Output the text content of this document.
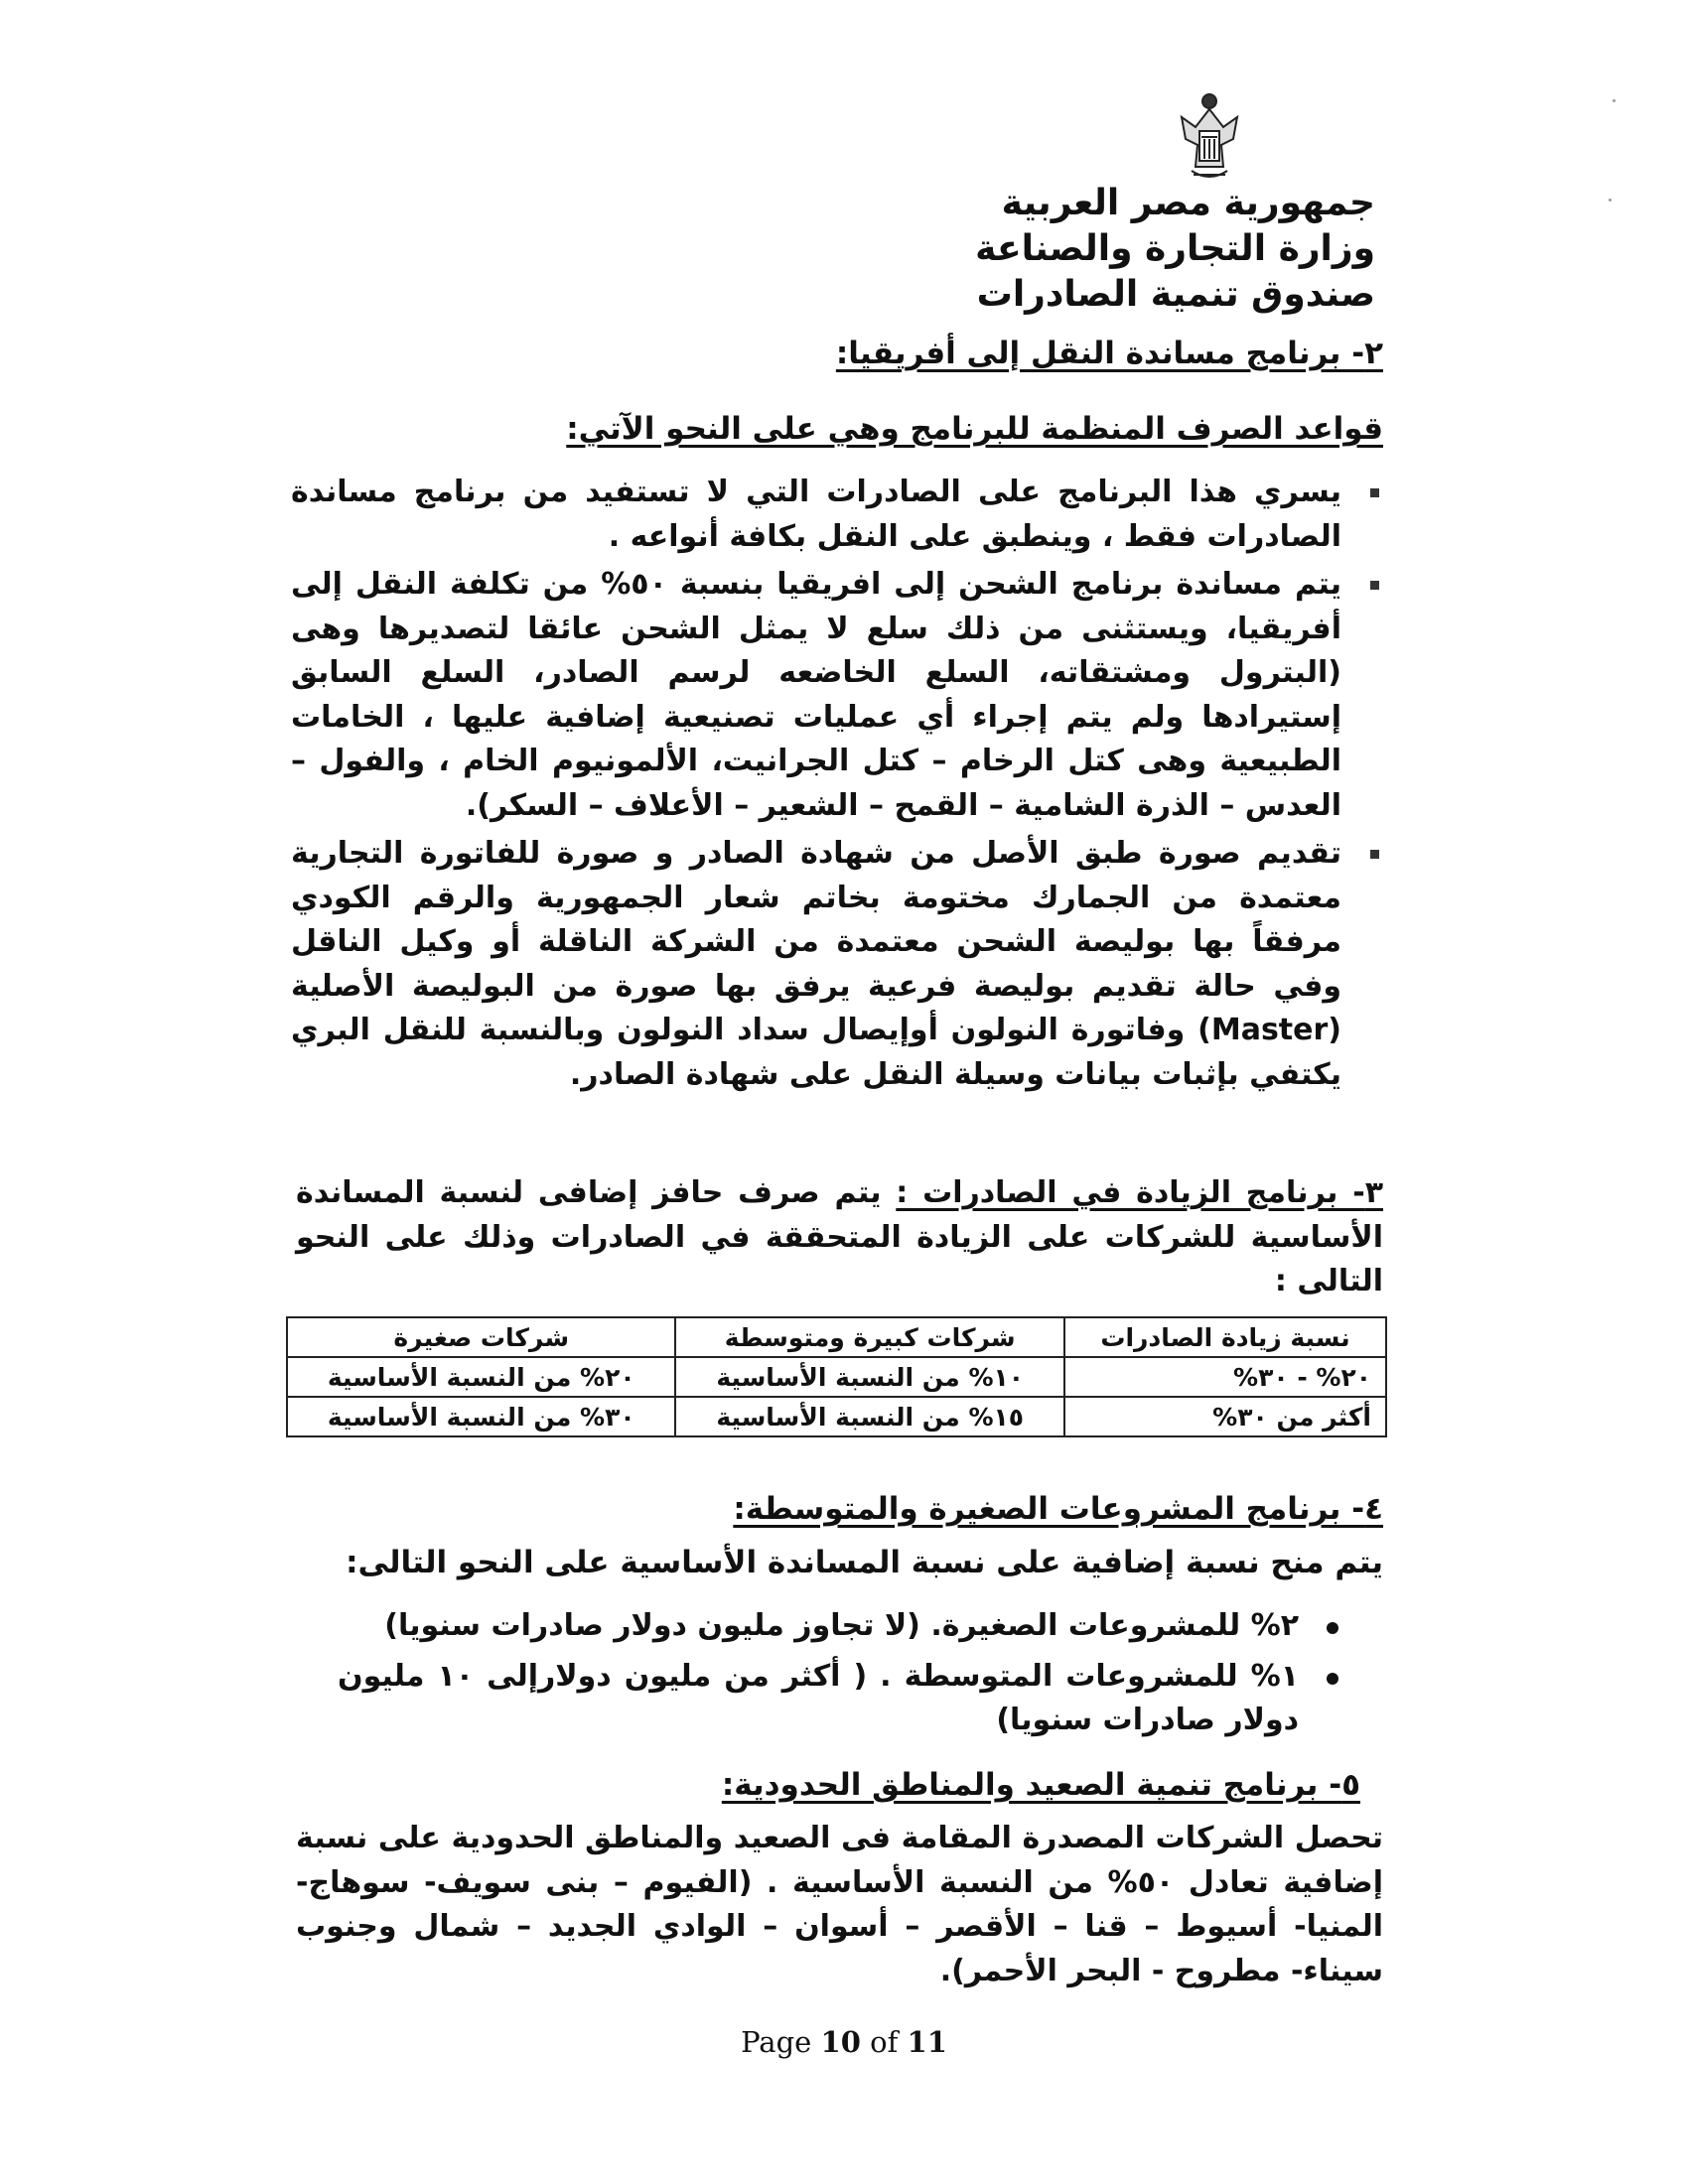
جمهورية مصر العربية
وزارة التجارة والصناعة
صندوق تنمية الصادرات
٢- برنامج مساندة النقل إلى أفريقيا:
قواعد الصرف المنظمة للبرنامج وهي على النحو الآتي:

يسري هذا البرنامج على الصادرات التي لا تستفيد من برنامج مساندة الصادرات فقط ، وينطبق على النقل بكافة أنواعه .

يتم مساندة برنامج الشحن إلى افريقيا بنسبة ٥٠% من تكلفة النقل إلى أفريقيا، ويستثنى من ذلك سلع لا يمثل الشحن عائقا لتصديرها وهى (البترول ومشتقاته، السلع الخاضعه لرسم الصادر، السلع السابق إستيرادها ولم يتم إجراء أي عمليات تصنيعية إضافية عليها ، الخامات الطبيعية وهى كتل الرخام – كتل الجرانيت، الألمونيوم الخام ، والفول – العدس – الذرة الشامية – القمح – الشعير – الأعلاف – السكر).

تقديم صورة طبق الأصل من شهادة الصادر و صورة للفاتورة التجارية معتمدة من الجمارك مختومة بخاتم شعار الجمهورية والرقم الكودي مرفقاً بها بوليصة الشحن معتمدة من الشركة الناقلة أو وكيل الناقل وفي حالة تقديم بوليصة فرعية يرفق بها صورة من البوليصة الأصلية (Master) وفاتورة النولون أوإيصال سداد النولون وبالنسبة للنقل البري يكتفي بإثبات بيانات وسيلة النقل على شهادة الصادر.

٣- برنامج الزيادة في الصادرات : يتم صرف حافز إضافى لنسبة المساندة الأساسية للشركات على الزيادة المتحققة في الصادرات وذلك على النحو التالى :
نسبة زيادة الصادرات	شركات كبيرة ومتوسطة	شركات صغيرة
٢٠% - ٣٠%	١٠% من النسبة الأساسية	٢٠% من النسبة الأساسية
أكثر من ٣٠%	١٥% من النسبة الأساسية	٣٠% من النسبة الأساسية
٤- برنامج المشروعات الصغيرة والمتوسطة:
يتم منح نسبة إضافية على نسبة المساندة الأساسية على النحو التالى:

٢% للمشروعات الصغيرة. (لا تجاوز مليون دولار صادرات سنويا)

١% للمشروعات المتوسطة . ( أكثر من مليون دولارإلى ١٠ مليون دولار صادرات سنويا)

٥- برنامج تنمية الصعيد والمناطق الحدودية:
تحصل الشركات المصدرة المقامة فى الصعيد والمناطق الحدودية على نسبة إضافية تعادل ٥٠% من النسبة الأساسية . (الفيوم – بنى سويف- سوهاج- المنيا- أسيوط – قنا – الأقصر – أسوان – الوادي الجديد – شمال وجنوب سيناء- مطروح - البحر الأحمر).
Page 10 of 11
